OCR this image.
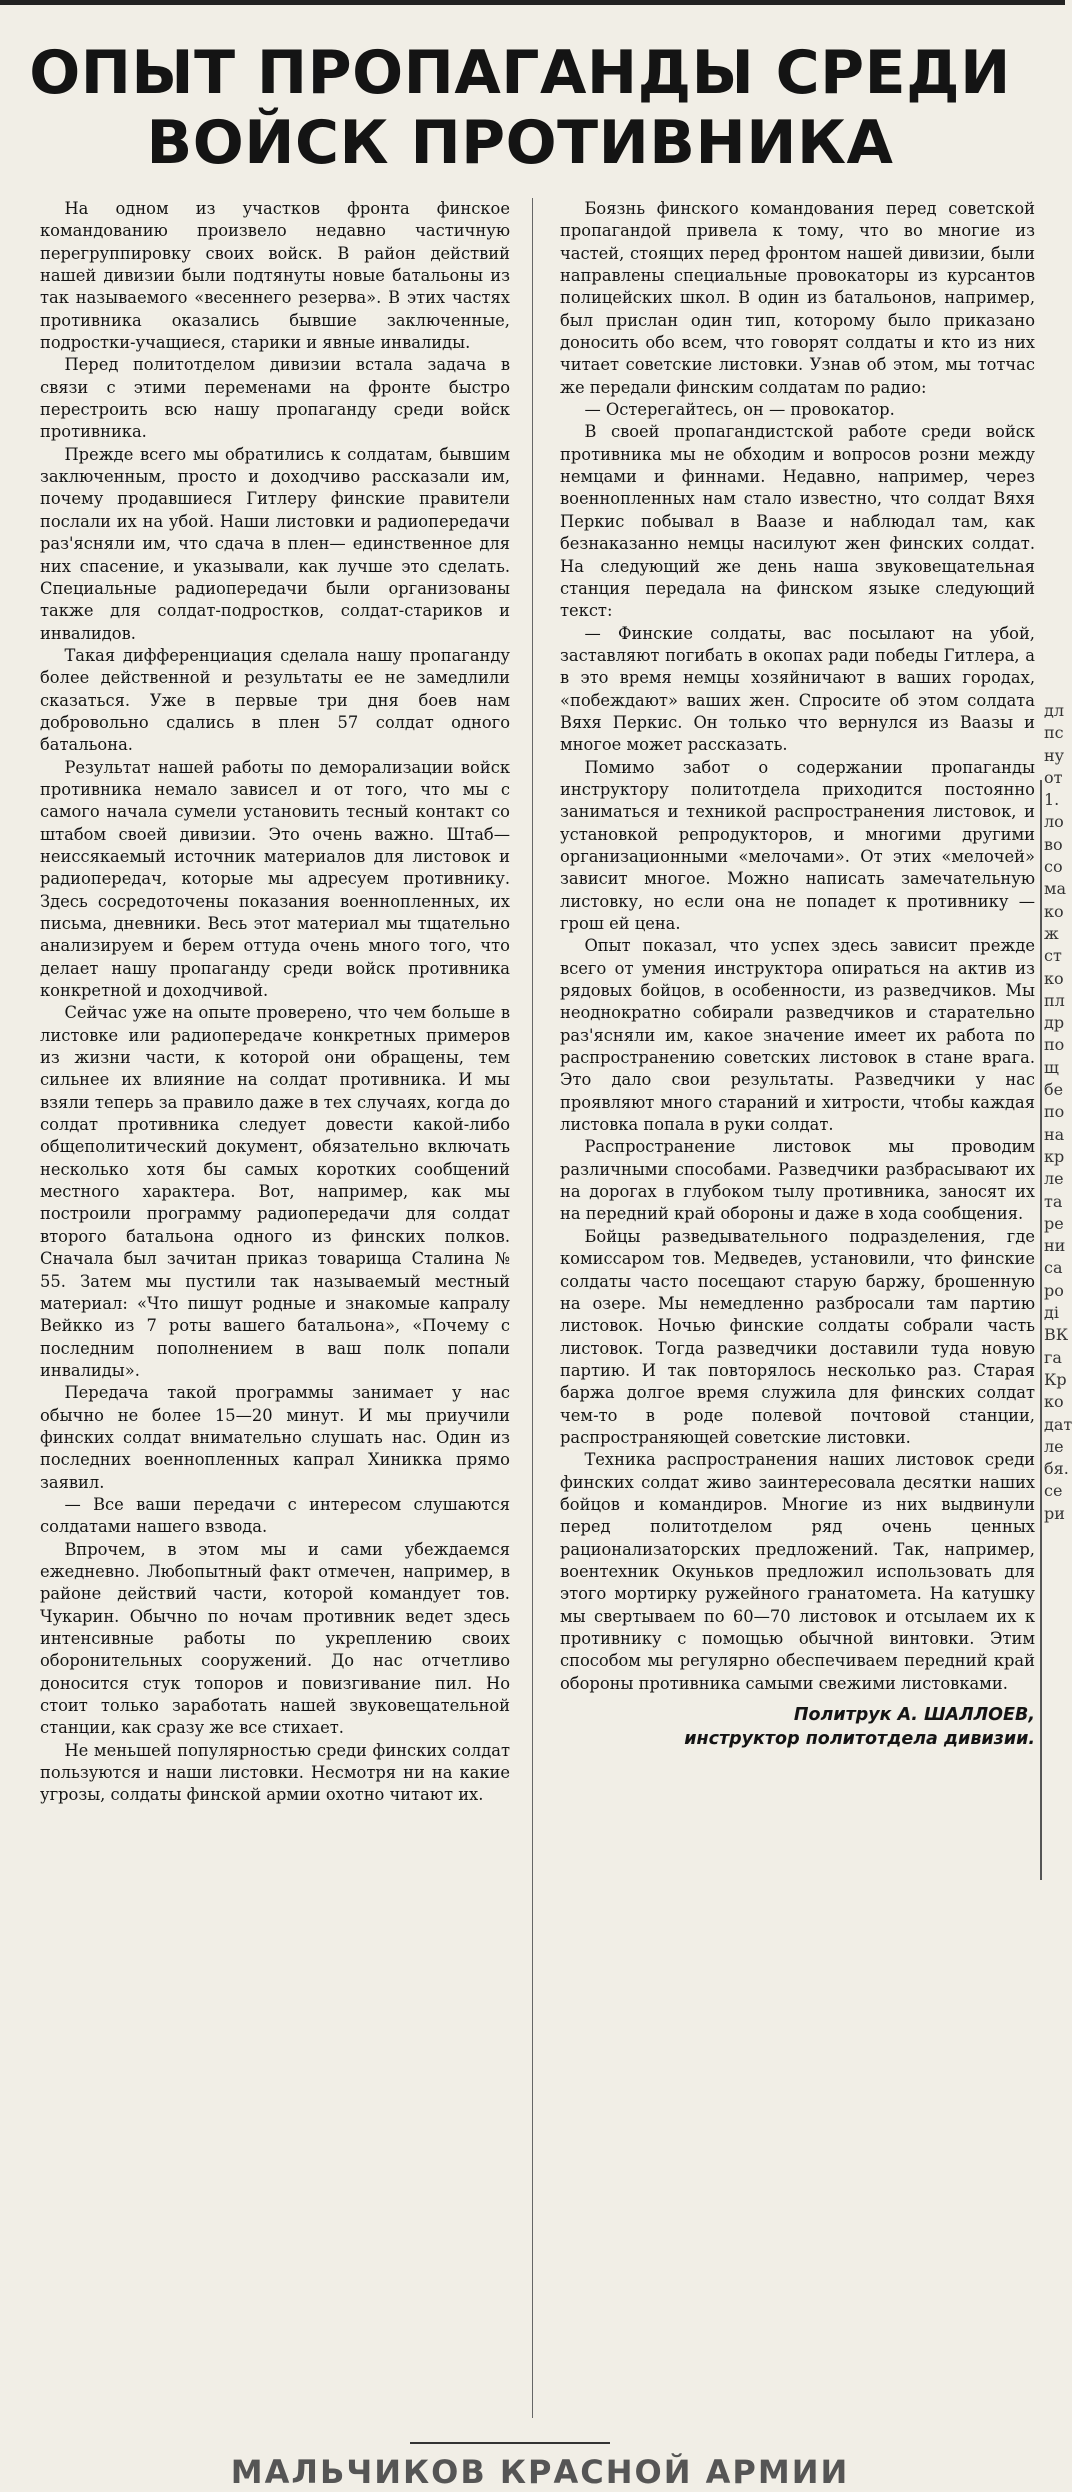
ОПЫТ ПРОПАГАНДЫ СРЕДИ ВОЙСК ПРОТИВНИКА

На одном из участков фронта финское командованию произвело недавно частичную перегруппировку своих войск. В район действий нашей дивизии были подтянуты новые батальоны из так называемого «весеннего резерва». В этих частях противника оказались бывшие заключенные, подростки-учащиеся, старики и явные инвалиды.

Перед политотделом дивизии встала задача в связи с этими переменами на фронте быстро перестроить всю нашу пропаганду среди войск противника.

Прежде всего мы обратились к солдатам, бывшим заключенным, просто и доходчиво рассказали им, почему продавшиеся Гитлеру финские правители послали их на убой. Наши листовки и радиопередачи раз'ясняли им, что сдача в плен— единственное для них спасение, и указывали, как лучше это сделать. Специальные радиопередачи были организованы также для солдат-подростков, солдат-стариков и инвалидов.

Такая дифференциация сделала нашу пропаганду более действенной и результаты ее не замедлили сказаться. Уже в первые три дня боев нам добровольно сдались в плен 57 солдат одного батальона.

Результат нашей работы по деморализации войск противника немало зависел и от того, что мы с самого начала сумели установить тесный контакт со штабом своей дивизии. Это очень важно. Штаб— неиссякаемый источник материалов для листовок и радиопередач, которые мы адресуем противнику. Здесь сосредоточены показания военнопленных, их письма, дневники. Весь этот материал мы тщательно анализируем и берем оттуда очень много того, что делает нашу пропаганду среди войск противника конкретной и доходчивой.

Сейчас уже на опыте проверено, что чем больше в листовке или радиопередаче конкретных примеров из жизни части, к которой они обращены, тем сильнее их влияние на солдат противника. И мы взяли теперь за правило даже в тех случаях, когда до солдат противника следует довести какой-либо общеполитический документ, обязательно включать несколько хотя бы самых коротких сообщений местного характера. Вот, например, как мы построили программу радиопередачи для солдат второго батальона одного из финских полков. Сначала был зачитан приказ товарища Сталина № 55. Затем мы пустили так называемый местный материал: «Что пишут родные и знакомые капралу Вейкко из 7 роты вашего батальона», «Почему с последним пополнением в ваш полк попали инвалиды».

Передача такой программы занимает у нас обычно не более 15—20 минут. И мы приучили финских солдат внимательно слушать нас. Один из последних военнопленных капрал Хиникка прямо заявил.

— Все ваши передачи с интересом слушаются солдатами нашего взвода.

Впрочем, в этом мы и сами убеждаемся ежедневно. Любопытный факт отмечен, например, в районе действий части, которой командует тов. Чукарин. Обычно по ночам противник ведет здесь интенсивные работы по укреплению своих оборонительных сооружений. До нас отчетливо доносится стук топоров и повизгивание пил. Но стоит только заработать нашей звуковещательной станции, как сразу же все стихает.

Не меньшей популярностью среди финских солдат пользуются и наши листовки. Несмотря ни на какие угрозы, солдаты финской армии охотно читают их.

Боязнь финского командования перед советской пропагандой привела к тому, что во многие из частей, стоящих перед фронтом нашей дивизии, были направлены специальные провокаторы из курсантов полицейских школ. В один из батальонов, например, был прислан один тип, которому было приказано доносить обо всем, что говорят солдаты и кто из них читает советские листовки. Узнав об этом, мы тотчас же передали финским солдатам по радио:

— Остерегайтесь, он — провокатор.

В своей пропагандистской работе среди войск противника мы не обходим и вопросов розни между немцами и финнами. Недавно, например, через военнопленных нам стало известно, что солдат Вяхя Перкис побывал в Ваазе и наблюдал там, как безнаказанно немцы насилуют жен финских солдат. На следующий же день наша звуковещательная станция передала на финском языке следующий текст:

— Финские солдаты, вас посылают на убой, заставляют погибать в окопах ради победы Гитлера, а в это время немцы хозяйничают в ваших городах, «побеждают» ваших жен. Спросите об этом солдата Вяхя Перкис. Он только что вернулся из Ваазы и многое может рассказать.

Помимо забот о содержании пропаганды инструктору политотдела приходится постоянно заниматься и техникой распространения листовок, и установкой репродукторов, и многими другими организационными «мелочами». От этих «мелочей» зависит многое. Можно написать замечательную листовку, но если она не попадет к противнику — грош ей цена.

Опыт показал, что успех здесь зависит прежде всего от умения инструктора опираться на актив из рядовых бойцов, в особенности, из разведчиков. Мы неоднократно собирали разведчиков и старательно раз'ясняли им, какое значение имеет их работа по распространению советских листовок в стане врага. Это дало свои результаты. Разведчики у нас проявляют много стараний и хитрости, чтобы каждая листовка попала в руки солдат.

Распространение листовок мы проводим различными способами. Разведчики разбрасывают их на дорогах в глубоком тылу противника, заносят их на передний край обороны и даже в хода сообщения.

Бойцы разведывательного подразделения, где комиссаром тов. Медведев, установили, что финские солдаты часто посещают старую баржу, брошенную на озере. Мы немедленно разбросали там партию листовок. Ночью финские солдаты собрали часть листовок. Тогда разведчики доставили туда новую партию. И так повторялось несколько раз. Старая баржа долгое время служила для финских солдат чем-то в роде полевой почтовой станции, распространяющей советские листовки.

Техника распространения наших листовок среди финских солдат живо заинтересовала десятки наших бойцов и командиров. Многие из них выдвинули перед политотделом ряд очень ценных рационализаторских предложений. Так, например, воентехник Окуньков предложил использовать для этого мортирку ружейного гранатомета. На катушку мы свертываем по 60—70 листовок и отсылаем их к противнику с помощью обычной винтовки. Этим способом мы регулярно обеспечиваем передний край обороны противника самыми свежими листовками.

Политрук А. ШАЛЛОЕВ,
инструктор политотдела дивизии.
дл
пс
ну
от
1.
ло
во
со
ма
ко
ж
ст
ко
пл
др
по
щ
бе
по
на
кр
ле
та
ре
ни
са
ро
ді
ВК
га
Кр
ко
дат
ле
бя.
се
ри
МАЛЬЧИКОВ КРАСНОЙ АРМИИ
